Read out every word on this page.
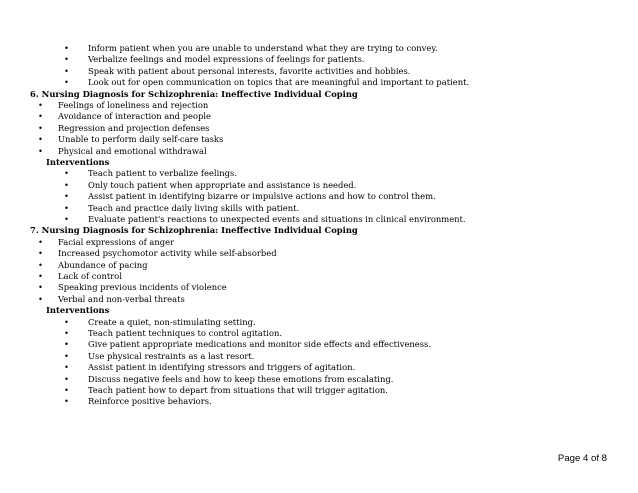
• Inform patient when you are unable to understand what they are trying to convey.
• Verbalize feelings and model expressions of feelings for patients.
• Speak with patient about personal interests, favorite activities and hobbies.
• Look out for open communication on topics that are meaningful and important to patient.
6. Nursing Diagnosis for Schizophrenia: Ineffective Individual Coping
• Feelings of loneliness and rejection
• Avoidance of interaction and people
• Regression and projection defenses
• Unable to perform daily self-care tasks
• Physical and emotional withdrawal
Interventions
• Teach patient to verbalize feelings.
• Only touch patient when appropriate and assistance is needed.
• Assist patient in identifying bizarre or impulsive actions and how to control them.
• Teach and practice daily living skills with patient.
• Evaluate patient's reactions to unexpected events and situations in clinical environment.
7. Nursing Diagnosis for Schizophrenia: Ineffective Individual Coping
• Facial expressions of anger
• Increased psychomotor activity while self-absorbed
• Abundance of pacing
• Lack of control
• Speaking previous incidents of violence
• Verbal and non-verbal threats
Interventions
• Create a quiet, non-stimulating setting.
• Teach patient techniques to control agitation.
• Give patient appropriate medications and monitor side effects and effectiveness.
• Use physical restraints as a last resort.
• Assist patient in identifying stressors and triggers of agitation.
• Discuss negative feels and how to keep these emotions from escalating.
• Teach patient how to depart from situations that will trigger agitation.
• Reinforce positive behaviors.
Page 4 of 8
